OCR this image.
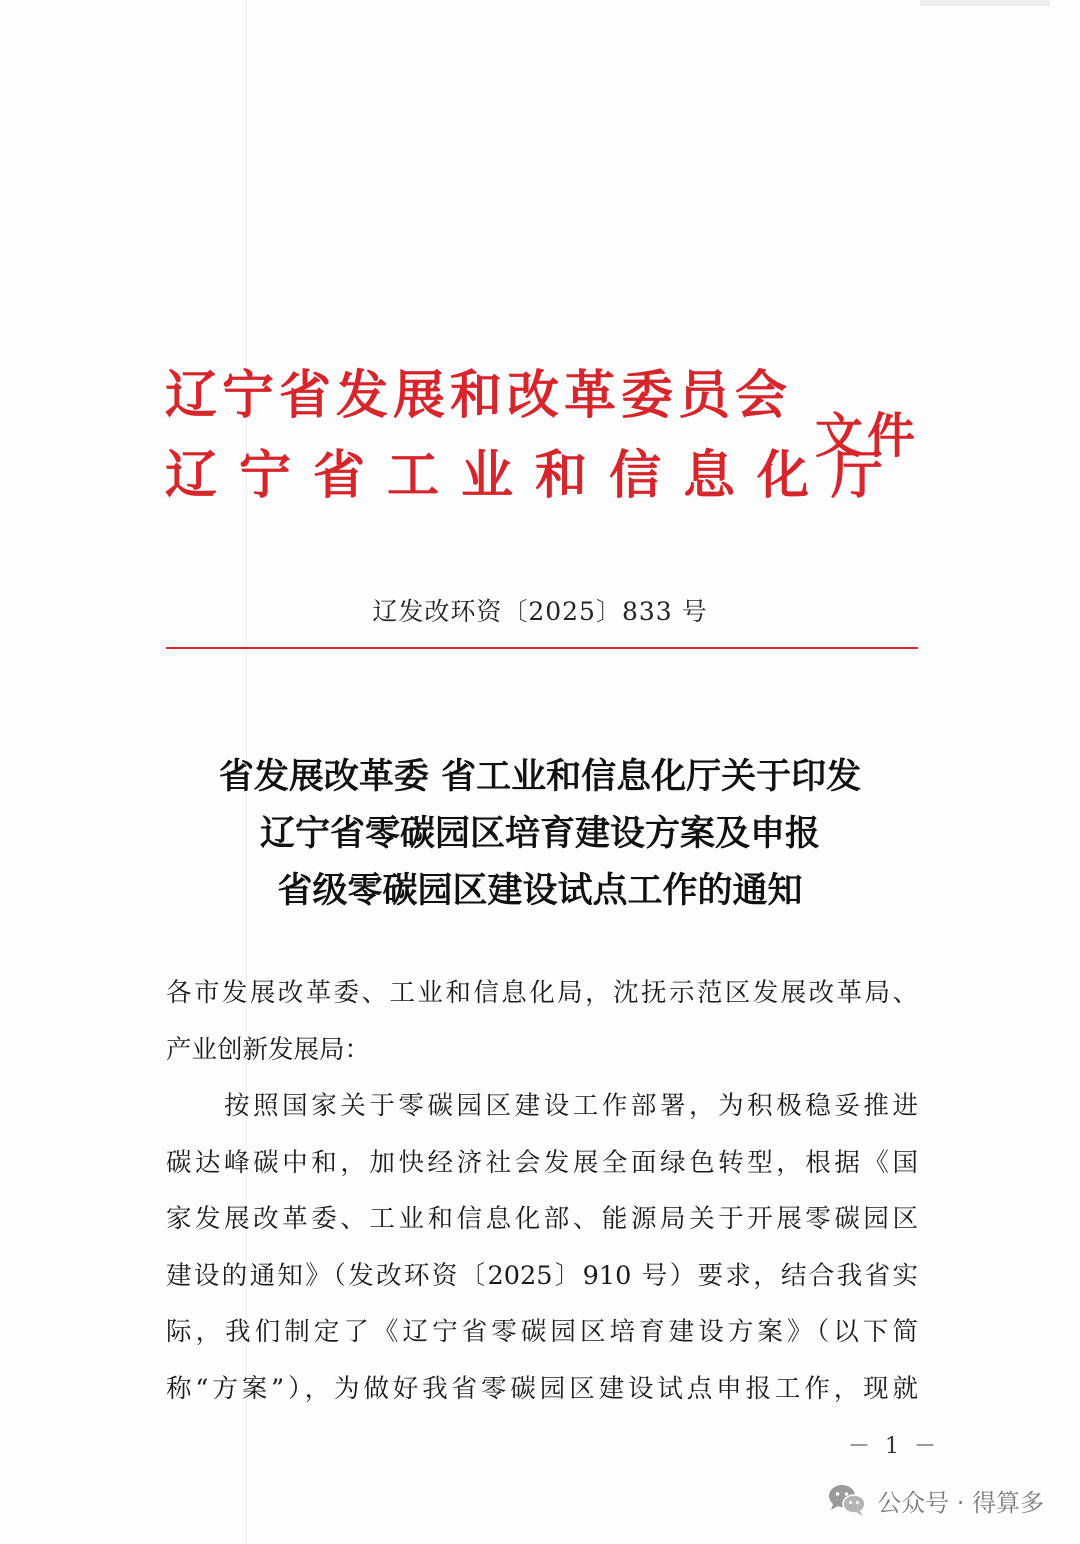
辽宁省发展和改革委员会
辽宁省工业和信息化厅
文件
辽发改环资〔2025〕833 号
省发展改革委 省工业和信息化厅关于印发
辽宁省零碳园区培育建设方案及申报
省级零碳园区建设试点工作的通知
各市发展改革委、工业和信息化局，沈抚示范区发展改革局、
产业创新发展局：
按照国家关于零碳园区建设工作部署，为积极稳妥推进
碳达峰碳中和，加快经济社会发展全面绿色转型，根据《国
家发展改革委、工业和信息化部、能源局关于开展零碳园区
建设的通知》（发改环资〔2025〕910 号）要求，结合我省实
际，我们制定了《辽宁省零碳园区培育建设方案》（以下简
称“方案”），为做好我省零碳园区建设试点申报工作，现就
－ 1 －
公众号 · 得算多
